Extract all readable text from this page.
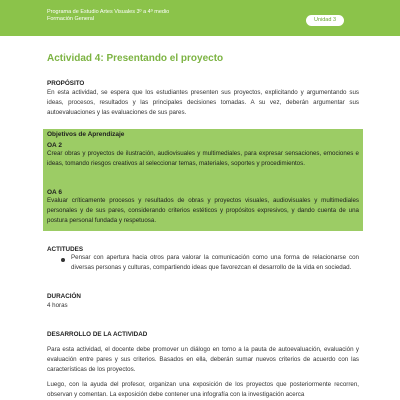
Programa de Estudio Artes Visuales 3º a 4º medio
Formación General	Unidad 3
Actividad 4: Presentando el proyecto
PROPÓSITO

En esta actividad, se espera que los estudiantes presenten sus proyectos, explicitando y argumentando sus ideas, procesos, resultados y las principales decisiones tomadas. A su vez, deberán argumentar sus autoevaluaciones y las evaluaciones de sus pares.

Objetivos de Aprendizaje
OA 2

Crear obras y proyectos de ilustración, audiovisuales y multimediales, para expresar sensaciones, emociones e ideas, tomando riesgos creativos al seleccionar temas, materiales, soportes y procedimientos.

OA 6

Evaluar críticamente procesos y resultados de obras y proyectos visuales, audiovisuales y multimediales personales y de sus pares, considerando criterios estéticos y propósitos expresivos, y dando cuenta de una postura personal fundada y respetuosa.

ACTITUDES

Pensar con apertura hacia otros para valorar la comunicación como una forma de relacionarse con diversas personas y culturas, compartiendo ideas que favorezcan el desarrollo de la vida en sociedad.

DURACIÓN

4 horas

DESARROLLO DE LA ACTIVIDAD

Para esta actividad, el docente debe promover un diálogo en torno a la pauta de autoevaluación, evaluación y evaluación entre pares y sus criterios. Basados en ella, deberán sumar nuevos criterios de acuerdo con las características de los proyectos.

Luego, con la ayuda del profesor, organizan una exposición de los proyectos que posteriormente recorren, observan y comentan. La exposición debe contener una infografía con la investigación acerca
